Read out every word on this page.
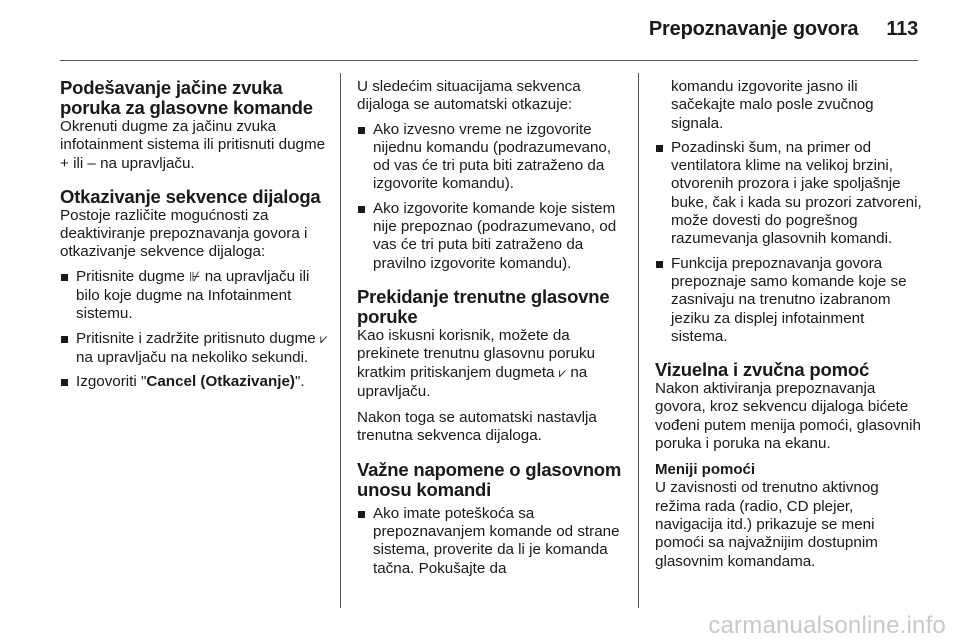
Prepoznavanje govora 113
Podešavanje jačine zvuka poruka za glasovne komande

Okrenuti dugme za jačinu zvuka infotainment sistema ili pritisnuti dugme + ili – na upravljaču.

Otkazivanje sekvence dijaloga

Postoje različite mogućnosti za deaktiviranje prepoznavanja govora i otkazivanje sekvence dijaloga:

Pritisnite dugme ⊮ na upravljaču ili bilo koje dugme na Infotainment sistemu.
Pritisnite i zadržite pritisnuto dugme ⩗ na upravljaču na nekoliko sekundi.
Izgovoriti "Cancel (Otkazivanje)".

U sledećim situacijama sekvenca dijaloga se automatski otkazuje:

Ako izvesno vreme ne izgovorite nijednu komandu (podrazumevano, od vas će tri puta biti zatraženo da izgovorite komandu).
Ako izgovorite komande koje sistem nije prepoznao (podrazumevano, od vas će tri puta biti zatraženo da pravilno izgovorite komandu).
Prekidanje trenutne glasovne poruke

Kao iskusni korisnik, možete da prekinete trenutnu glasovnu poruku kratkim pritiskanjem dugmeta ⩗ na upravljaču.

Nakon toga se automatski nastavlja trenutna sekvenca dijaloga.

Važne napomene o glasovnom unosu komandi
Ako imate poteškoća sa prepoznavanjem komande od strane sistema, proverite da li je komanda tačna. Pokušajte da

komandu izgovorite jasno ili sačekajte malo posle zvučnog signala.

Pozadinski šum, na primer od ventilatora klime na velikoj brzini, otvorenih prozora i jake spoljašnje buke, čak i kada su prozori zatvoreni, može dovesti do pogrešnog razumevanja glasovnih komandi.
Funkcija prepoznavanja govora prepoznaje samo komande koje se zasnivaju na trenutno izabranom jeziku za displej infotainment sistema.
Vizuelna i zvučna pomoć

Nakon aktiviranja prepoznavanja govora, kroz sekvencu dijaloga bićete vođeni putem menija pomoći, glasovnih poruka i poruka na ekanu.

Meniji pomoći

U zavisnosti od trenutno aktivnog režima rada (radio, CD plejer, navigacija itd.) prikazuje se meni pomoći sa najvažnijim dostupnim glasovnim komandama.

carmanualsonline.info
